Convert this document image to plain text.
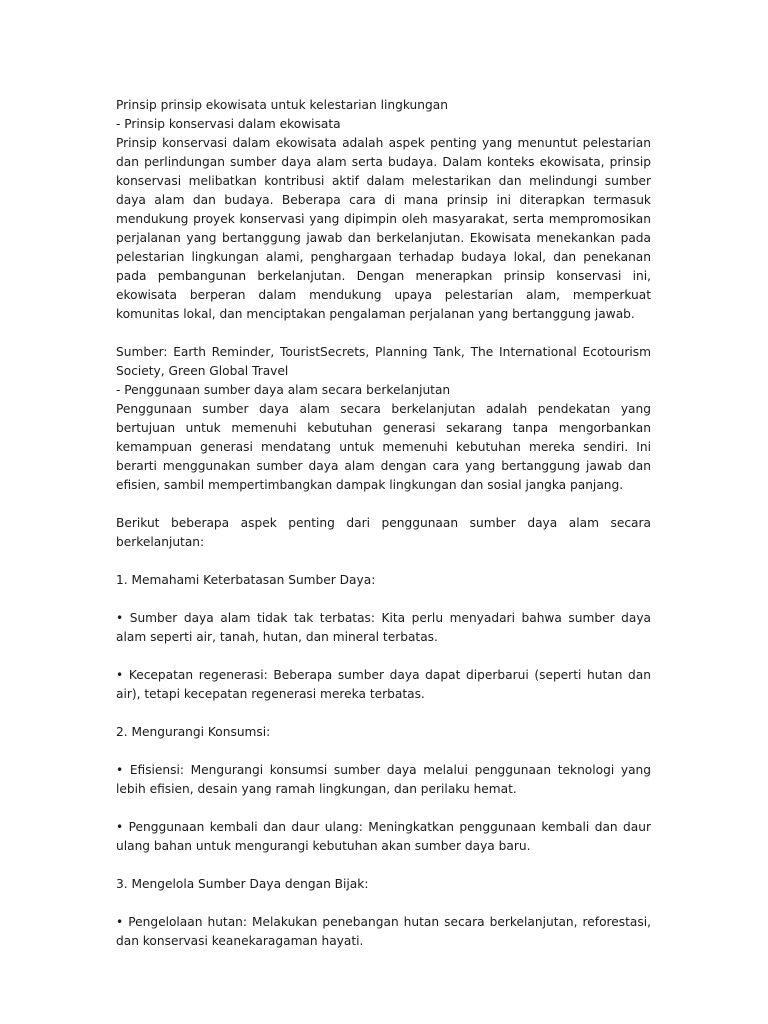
Prinsip prinsip ekowisata untuk kelestarian lingkungan

- Prinsip konservasi dalam ekowisata

Prinsip konservasi dalam ekowisata adalah aspek penting yang menuntut pelestarian dan perlindungan sumber daya alam serta budaya. Dalam konteks ekowisata, prinsip konservasi melibatkan kontribusi aktif dalam melestarikan dan melindungi sumber daya alam dan budaya. Beberapa cara di mana prinsip ini diterapkan termasuk mendukung proyek konservasi yang dipimpin oleh masyarakat, serta mempromosikan perjalanan yang bertanggung jawab dan berkelanjutan. Ekowisata menekankan pada pelestarian lingkungan alami, penghargaan terhadap budaya lokal, dan penekanan pada pembangunan berkelanjutan. Dengan menerapkan prinsip konservasi ini, ekowisata berperan dalam mendukung upaya pelestarian alam, memperkuat komunitas lokal, dan menciptakan pengalaman perjalanan yang bertanggung jawab.

Sumber: Earth Reminder, TouristSecrets, Planning Tank, The International Ecotourism Society, Green Global Travel

- Penggunaan sumber daya alam secara berkelanjutan

Penggunaan sumber daya alam secara berkelanjutan adalah pendekatan yang bertujuan untuk memenuhi kebutuhan generasi sekarang tanpa mengorbankan kemampuan generasi mendatang untuk memenuhi kebutuhan mereka sendiri. Ini berarti menggunakan sumber daya alam dengan cara yang bertanggung jawab dan efisien, sambil mempertimbangkan dampak lingkungan dan sosial jangka panjang.

Berikut beberapa aspek penting dari penggunaan sumber daya alam secara berkelanjutan:

1. Memahami Keterbatasan Sumber Daya:

• Sumber daya alam tidak tak terbatas: Kita perlu menyadari bahwa sumber daya alam seperti air, tanah, hutan, dan mineral terbatas.

• Kecepatan regenerasi: Beberapa sumber daya dapat diperbarui (seperti hutan dan air), tetapi kecepatan regenerasi mereka terbatas.

2. Mengurangi Konsumsi:

• Efisiensi: Mengurangi konsumsi sumber daya melalui penggunaan teknologi yang lebih efisien, desain yang ramah lingkungan, dan perilaku hemat.

• Penggunaan kembali dan daur ulang: Meningkatkan penggunaan kembali dan daur ulang bahan untuk mengurangi kebutuhan akan sumber daya baru.

3. Mengelola Sumber Daya dengan Bijak:

• Pengelolaan hutan: Melakukan penebangan hutan secara berkelanjutan, reforestasi, dan konservasi keanekaragaman hayati.
